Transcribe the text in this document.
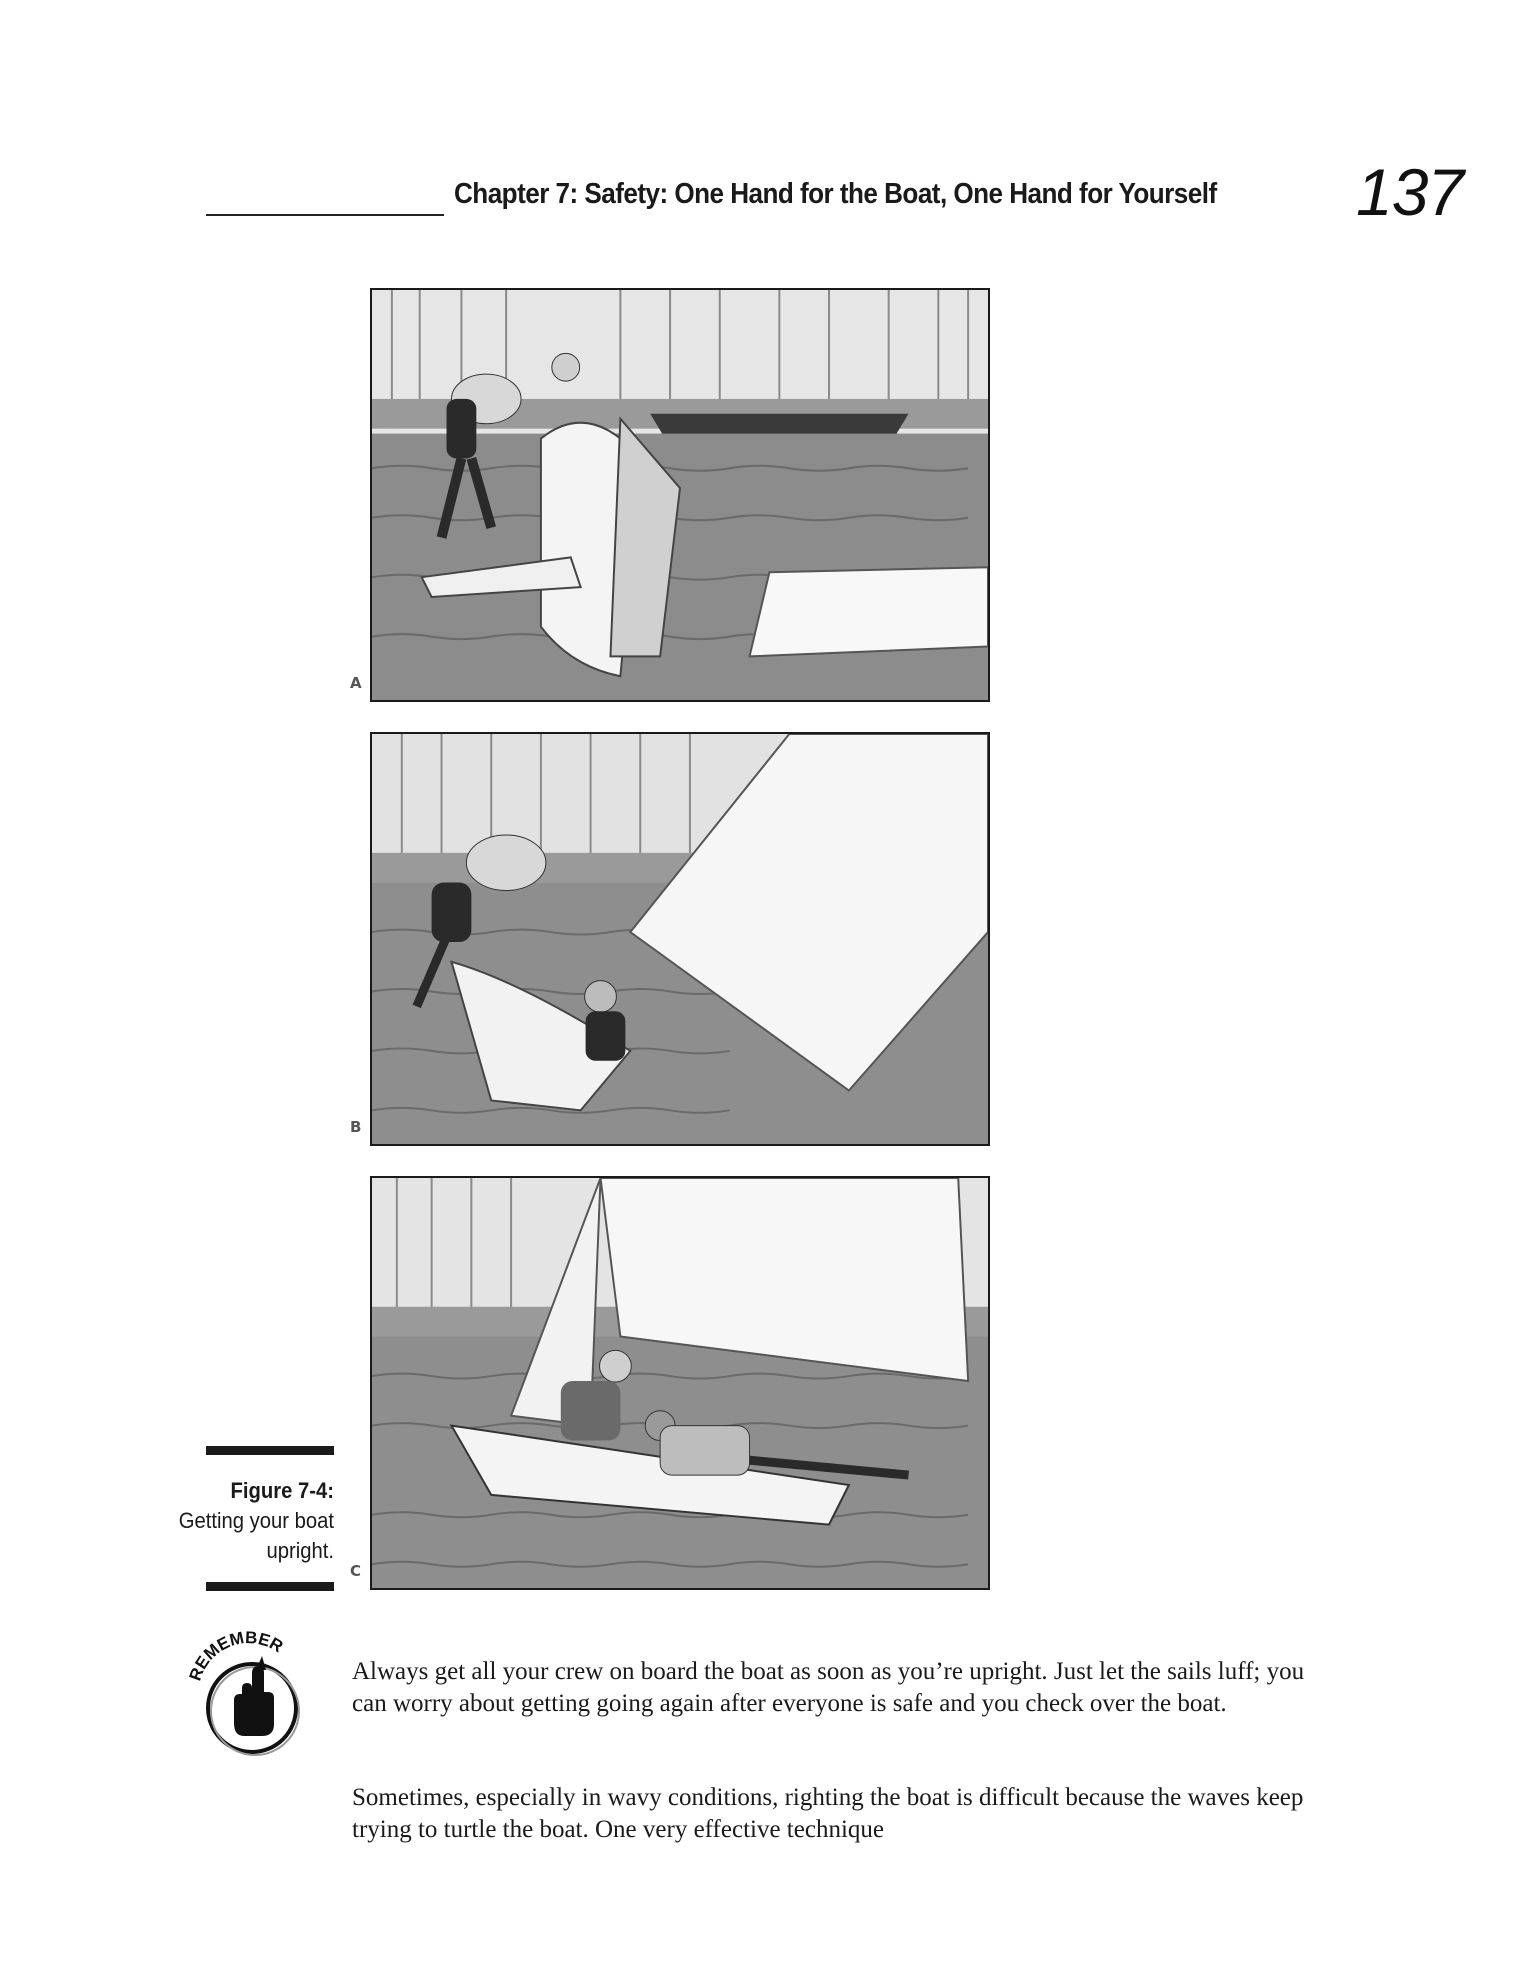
Chapter 7: Safety: One Hand for the Boat, One Hand for Yourself 137
A
B
C
Figure 7-4:
Getting your boat upright.
REMEMBER

Always get all your crew on board the boat as soon as you’re upright. Just let the sails luff; you can worry about getting going again after everyone is safe and you check over the boat.

Sometimes, especially in wavy conditions, righting the boat is difficult because the waves keep trying to turtle the boat. One very effective technique
